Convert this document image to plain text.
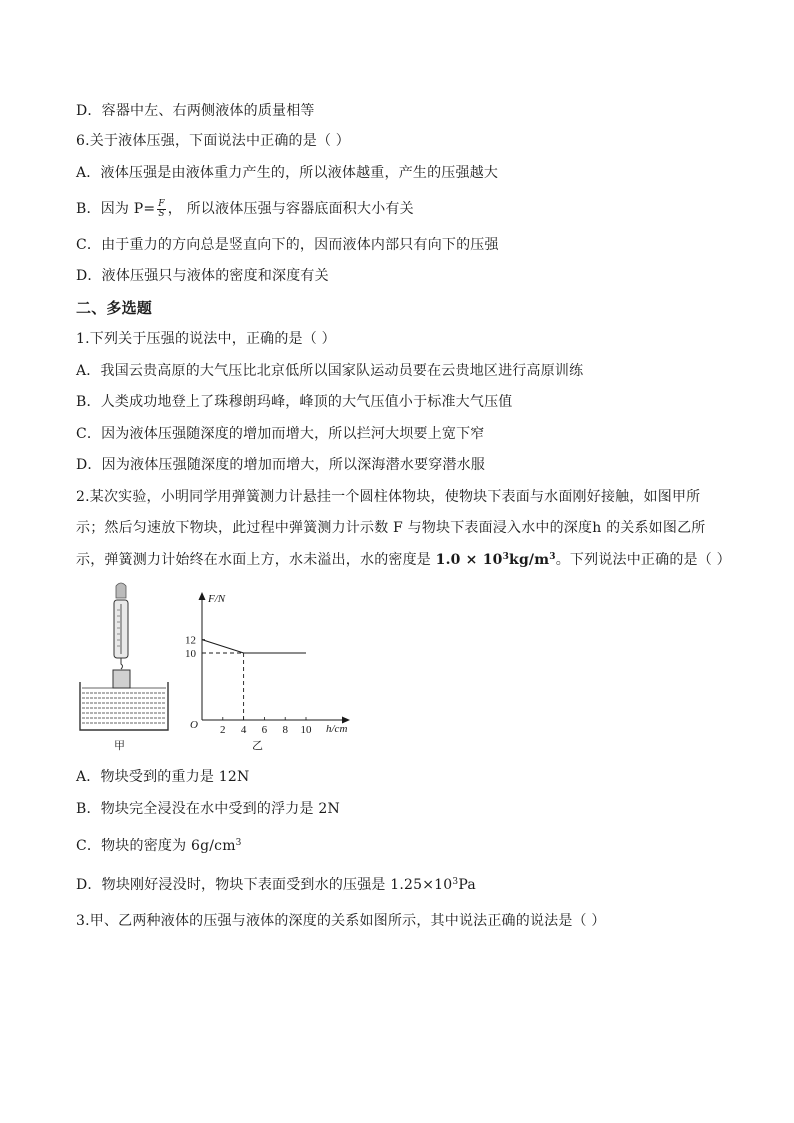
D．容器中左、右两侧液体的质量相等
6.关于液体压强，下面说法中正确的是（ ）
A．液体压强是由液体重力产生的，所以液体越重，产生的压强越大
B．因为 $P= \frac{F}{S}$ ， 所以液体压强与容器底面积大小有关
C．由于重力的方向总是竖直向下的，因而液体内部只有向下的压强
D．液体压强只与液体的密度和深度有关
二、多选题
1.下列关于压强的说法中，正确的是（ ）
A．我国云贵高原的大气压比北京低所以国家队运动员要在云贵地区进行高原训练
B．人类成功地登上了珠穆朗玛峰，峰顶的大气压值小于标准大气压值
C．因为液体压强随深度的增加而增大，所以拦河大坝要上宽下窄
D．因为液体压强随深度的增加而增大，所以深海潜水要穿潜水服
2.某次实验，小明同学用弹簧测力计悬挂一个圆柱体物块，使物块下表面与水面刚好接触，如图甲所
示；然后匀速放下物块，此过程中弹簧测力计示数 F 与物块下表面浸入水中的深度h 的关系如图乙所
示，弹簧测力计始终在水面上方，水未溢出，水的密度是 $1.0 \times 10^3kg/m^3$。下列说法中正确的是（ ）
甲
F/N
h/cm
O 2 4 6 8 10
10
12
乙
A．物块受到的重力是 12N
B．物块完全浸没在水中受到的浮力是 2N
C．物块的密度为 $6g/cm^3$
D．物块刚好浸没时，物块下表面受到水的压强是 $1.25\times 10^3Pa$
3.甲、乙两种液体的压强与液体的深度的关系如图所示，其中说法正确的说法是（ ）
